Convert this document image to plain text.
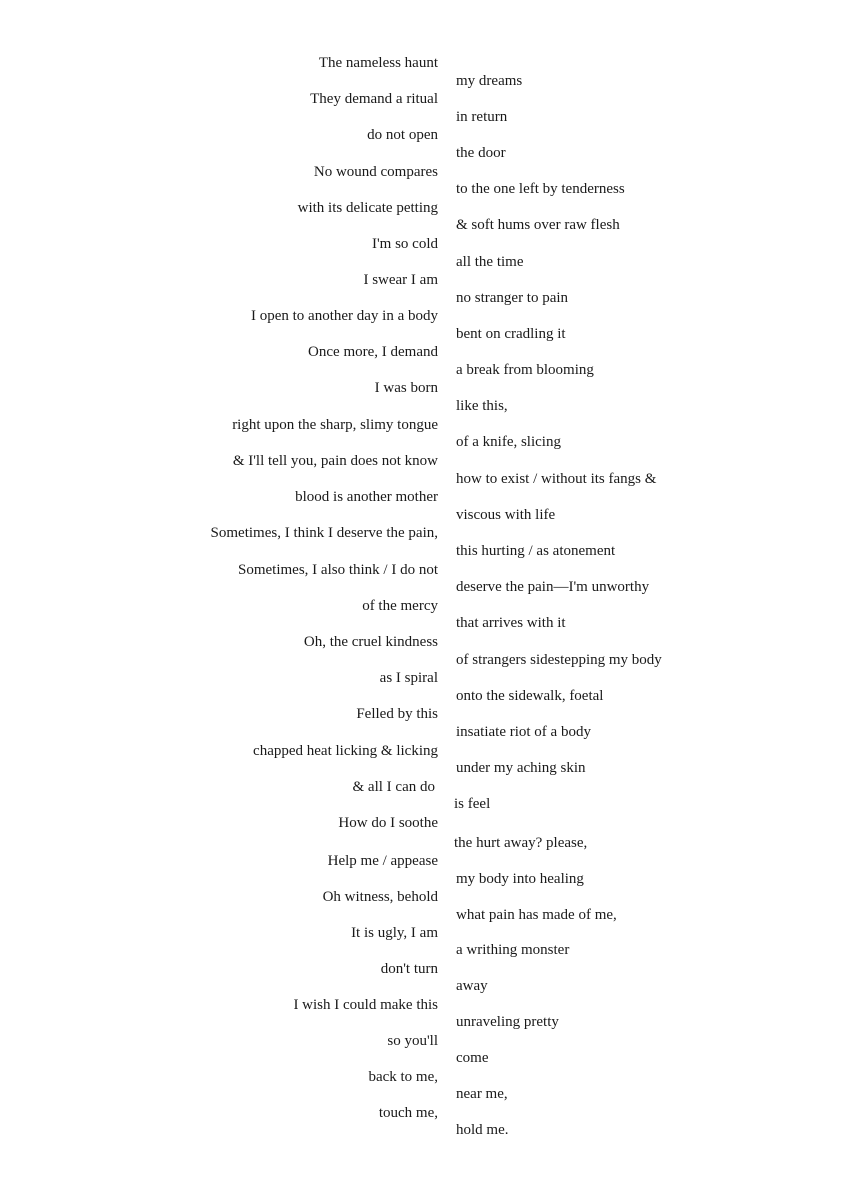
The nameless haunt
They demand a ritual
do not open
No wound compares
with its delicate petting
I'm so cold
I swear I am
I open to another day in a body
Once more, I demand
I was born
right upon the sharp, slimy tongue
& I'll tell you, pain does not know
blood is another mother
Sometimes, I think I deserve the pain,
Sometimes, I also think / I do not
of the mercy
Oh, the cruel kindness
as I spiral
Felled by this
chapped heat licking & licking
& all I can do
How do I soothe
Help me / appease
Oh witness, behold
It is ugly, I am
don't turn
I wish I could make this
so you'll
back to me,
touch me,
my dreams
in return
the door
to the one left by tenderness
& soft hums over raw flesh
all the time
no stranger to pain
bent on cradling it
a break from blooming
like this,
of a knife, slicing
how to exist / without its fangs &
viscous with life
this hurting / as atonement
deserve the pain—I'm unworthy
that arrives with it
of strangers sidestepping my body
onto the sidewalk, foetal
insatiate riot of a body
under my aching skin
is feel
the hurt away? please,
my body into healing
what pain has made of me,
a writhing monster
away
unraveling pretty
come
near me,
hold me.
